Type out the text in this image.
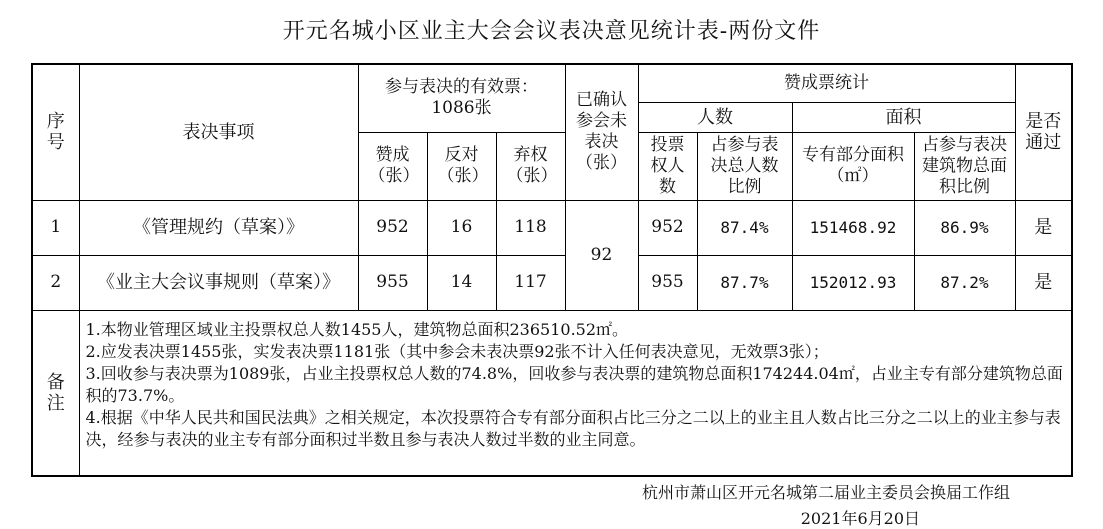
开元名城小区业主大会会议表决意见统计表-两份文件
序号	表决事项	参与表决的有效票：1086张			已确认参会未表决（张）	赞成票统计				是否通过
						人数		面积		
		赞成（张）	反对（张）	弃权（张）		投票权人数	占参与表决总人数比例	专有部分面积（㎡）	占参与表决建筑物总面积比例	
1	《管理规约（草案）》	952	16	118	92	952	87.4%	151468.92	86.9%	是
2	《业主大会议事规则（草案）》	955	14	117		955	87.7%	152012.93	87.2%	是
备注	1.本物业管理区域业主投票权总人数1455人，建筑物总面积236510.52㎡。
2.应发表决票1455张，实发表决票1181张（其中参会未表决票92张不计入任何表决意见，无效票3张）；
3.回收参与表决票为1089张，占业主投票权总人数的74.8%，回收参与表决票的建筑物总面积174244.04㎡，占业主专有部分建筑物总面积的73.7%。
4.根据《中华人民共和国民法典》之相关规定，本次投票符合专有部分面积占比三分之二以上的业主且人数占比三分之二以上的业主参与表决，经参与表决的业主专有部分面积过半数且参与表决人数过半数的业主同意。									
杭州市萧山区开元名城第二届业主委员会换届工作组
2021年6月20日
